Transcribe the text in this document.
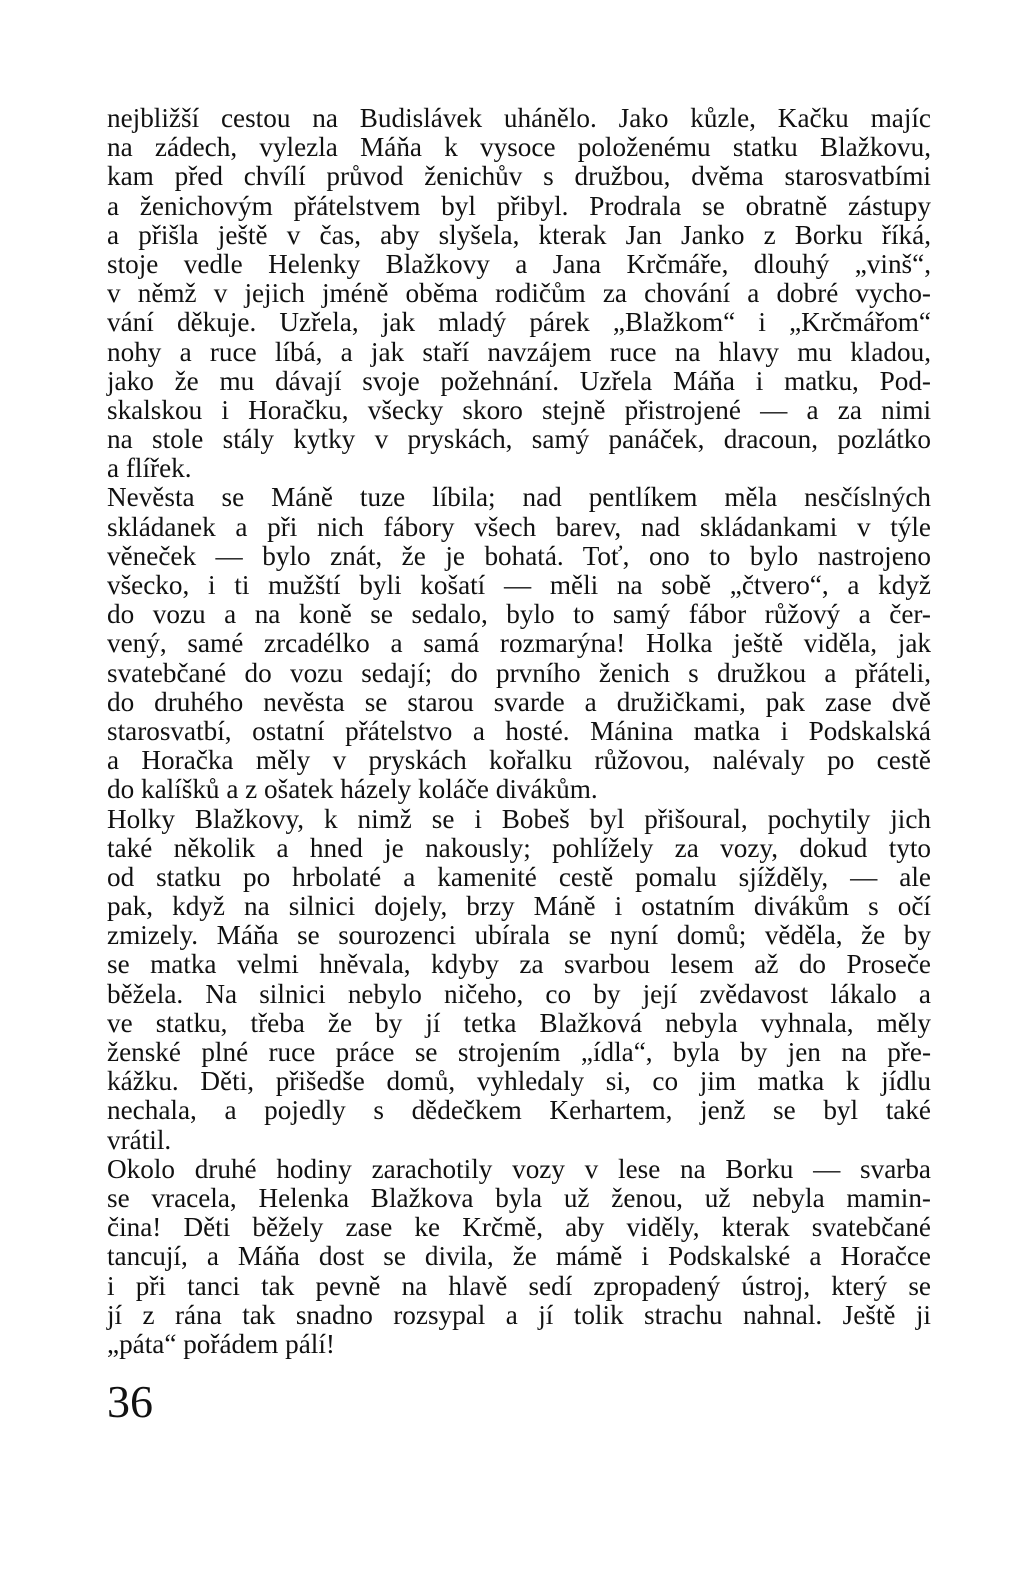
nejbližší cestou na Budislávek uhánělo. Jako kůzle, Kačku majíc
na zádech, vylezla Máňa k vysoce položenému statku Blažkovu,
kam před chvílí průvod ženichův s družbou, dvěma starosvatbími
a ženichovým přátelstvem byl přibyl. Prodrala se obratně zástupy
a přišla ještě v čas, aby slyšela, kterak Jan Janko z Borku říká,
stoje vedle Helenky Blažkovy a Jana Krčmáře, dlouhý „vinš“,
v němž v jejich jméně oběma rodičům za chování a dobré vycho-
vání děkuje. Uzřela, jak mladý párek „Blažkom“ i „Krčmářom“
nohy a ruce líbá, a jak staří navzájem ruce na hlavy mu kladou,
jako že mu dávají svoje požehnání. Uzřela Máňa i matku, Pod-
skalskou i Horačku, všecky skoro stejně přistrojené — a za nimi
na stole stály kytky v pryskách, samý panáček, dracoun, pozlátko
a flířek.
Nevěsta se Máně tuze líbila; nad pentlíkem měla nesčíslných
skládanek a při nich fábory všech barev, nad skládankami v týle
věneček — bylo znát, že je bohatá. Toť, ono to bylo nastrojeno
všecko, i ti mužští byli košatí — měli na sobě „čtvero“, a když
do vozu a na koně se sedalo, bylo to samý fábor růžový a čer-
vený, samé zrcadélko a samá rozmarýna! Holka ještě viděla, jak
svatebčané do vozu sedají; do prvního ženich s družkou a přáteli,
do druhého nevěsta se starou svarde a družičkami, pak zase dvě
starosvatbí, ostatní přátelstvo a hosté. Mánina matka i Podskalská
a Horačka měly v pryskách kořalku růžovou, nalévaly po cestě
do kalíšků a z ošatek házely koláče divákům.
Holky Blažkovy, k nimž se i Bobeš byl přišoural, pochytily jich
také několik a hned je nakously; pohlížely za vozy, dokud tyto
od statku po hrbolaté a kamenité cestě pomalu sjížděly, — ale
pak, když na silnici dojely, brzy Máně i ostatním divákům s očí
zmizely. Máňa se sourozenci ubírala se nyní domů; věděla, že by
se matka velmi hněvala, kdyby za svarbou lesem až do Proseče
běžela. Na silnici nebylo ničeho, co by její zvědavost lákalo a
ve statku, třeba že by jí tetka Blažková nebyla vyhnala, měly
ženské plné ruce práce se strojením „ídla“, byla by jen na pře-
kážku. Děti, přišedše domů, vyhledaly si, co jim matka k jídlu
nechala, a pojedly s dědečkem Kerhartem, jenž se byl také
vrátil.
Okolo druhé hodiny zarachotily vozy v lese na Borku — svarba
se vracela, Helenka Blažkova byla už ženou, už nebyla mamin-
čina! Děti běžely zase ke Krčmě, aby viděly, kterak svatebčané
tancují, a Máňa dost se divila, že mámě i Podskalské a Horačce
i při tanci tak pevně na hlavě sedí zpropadený ústroj, který se
jí z rána tak snadno rozsypal a jí tolik strachu nahnal. Ještě ji
„páta“ pořádem pálí!
36
